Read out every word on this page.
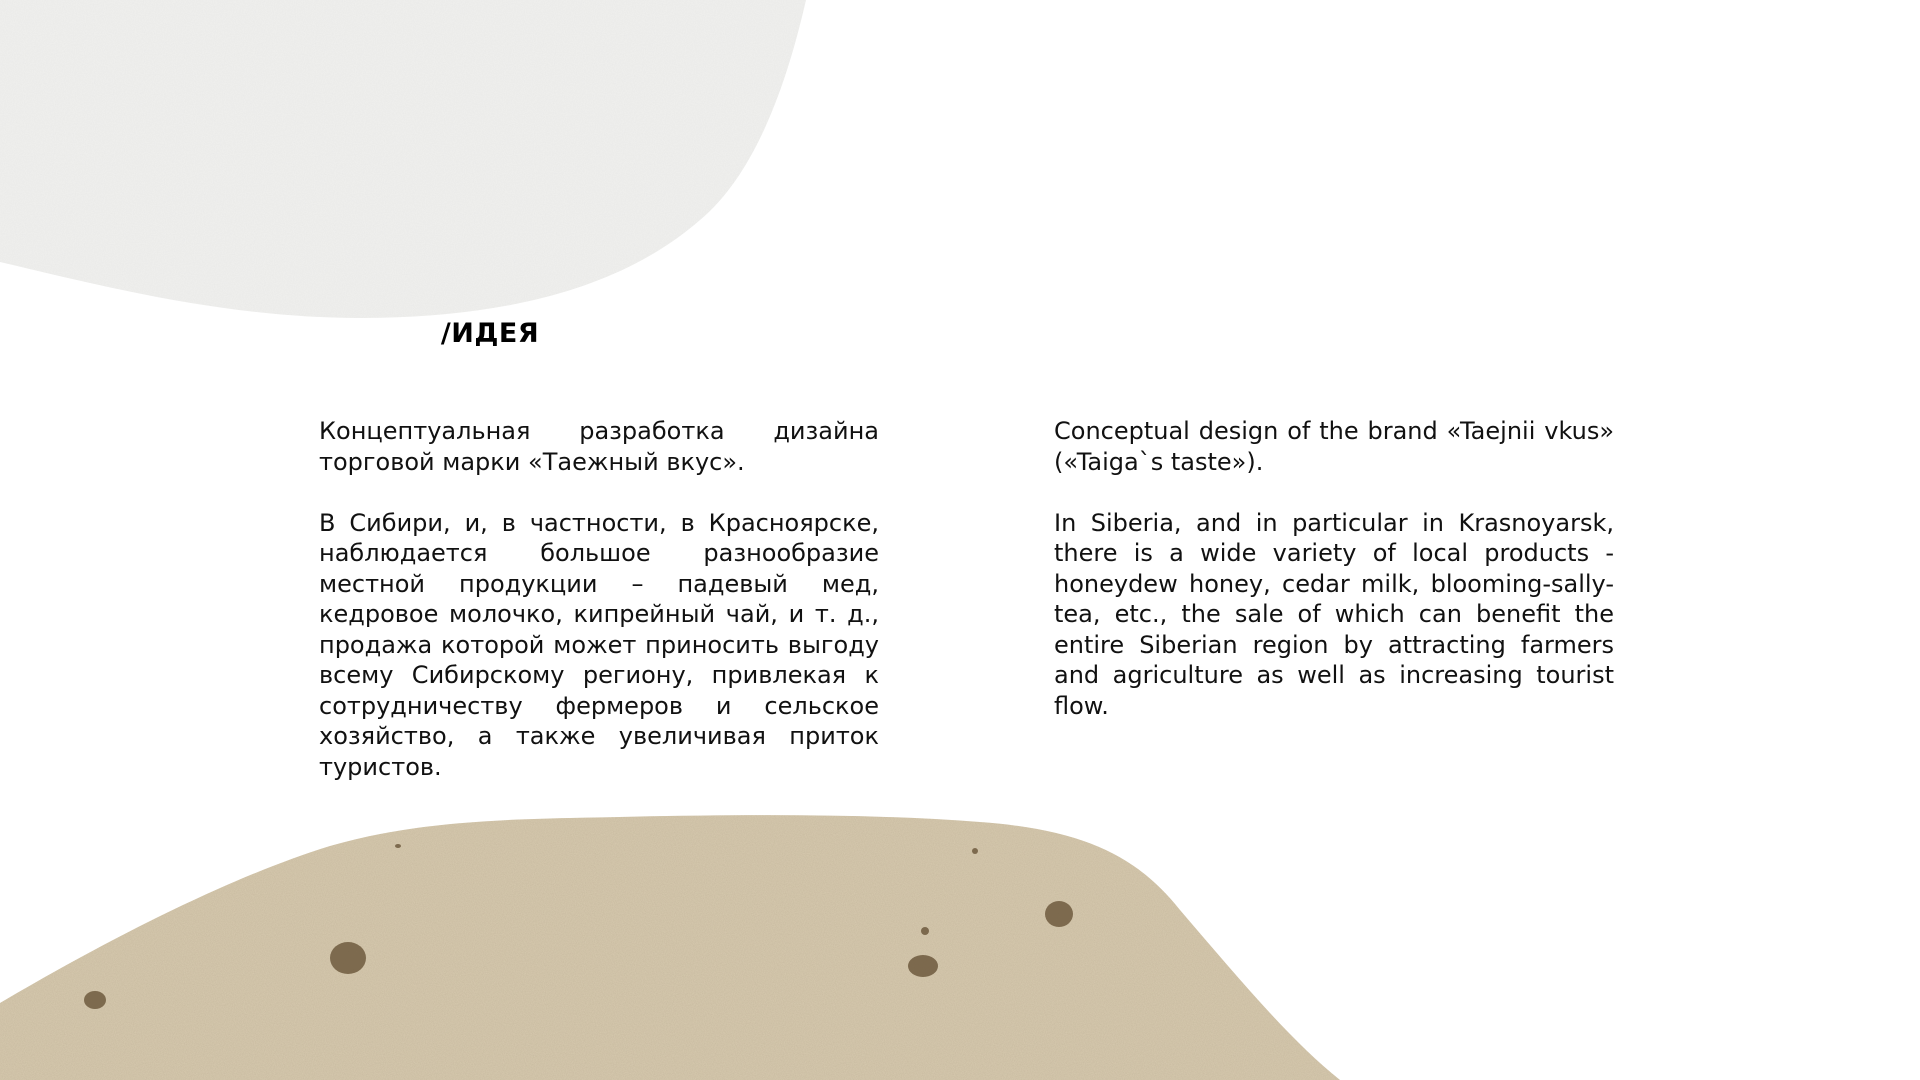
/ИДЕЯ

Концептуальная разработка дизайна торговой марки «Таежный вкус».

В Сибири, и, в частности, в Красноярске, наблюдается большое разнообразие местной продукции – падевый мед, кедровое молочко, кипрейный чай, и т. д., продажа которой может приносить выгоду всему Сибирскому региону, привлекая к сотрудничеству фермеров и сельское хозяйство, а также увеличивая приток туристов.

Conceptual design of the brand «Taejnii vkus» («Taiga`s taste»).

In Siberia, and in particular in Krasnoyarsk, there is a wide variety of local products - honeydew honey, cedar milk, blooming-sally-tea, etc., the sale of which can benefit the entire Siberian region by attracting farmers and agriculture as well as increasing tourist flow.
